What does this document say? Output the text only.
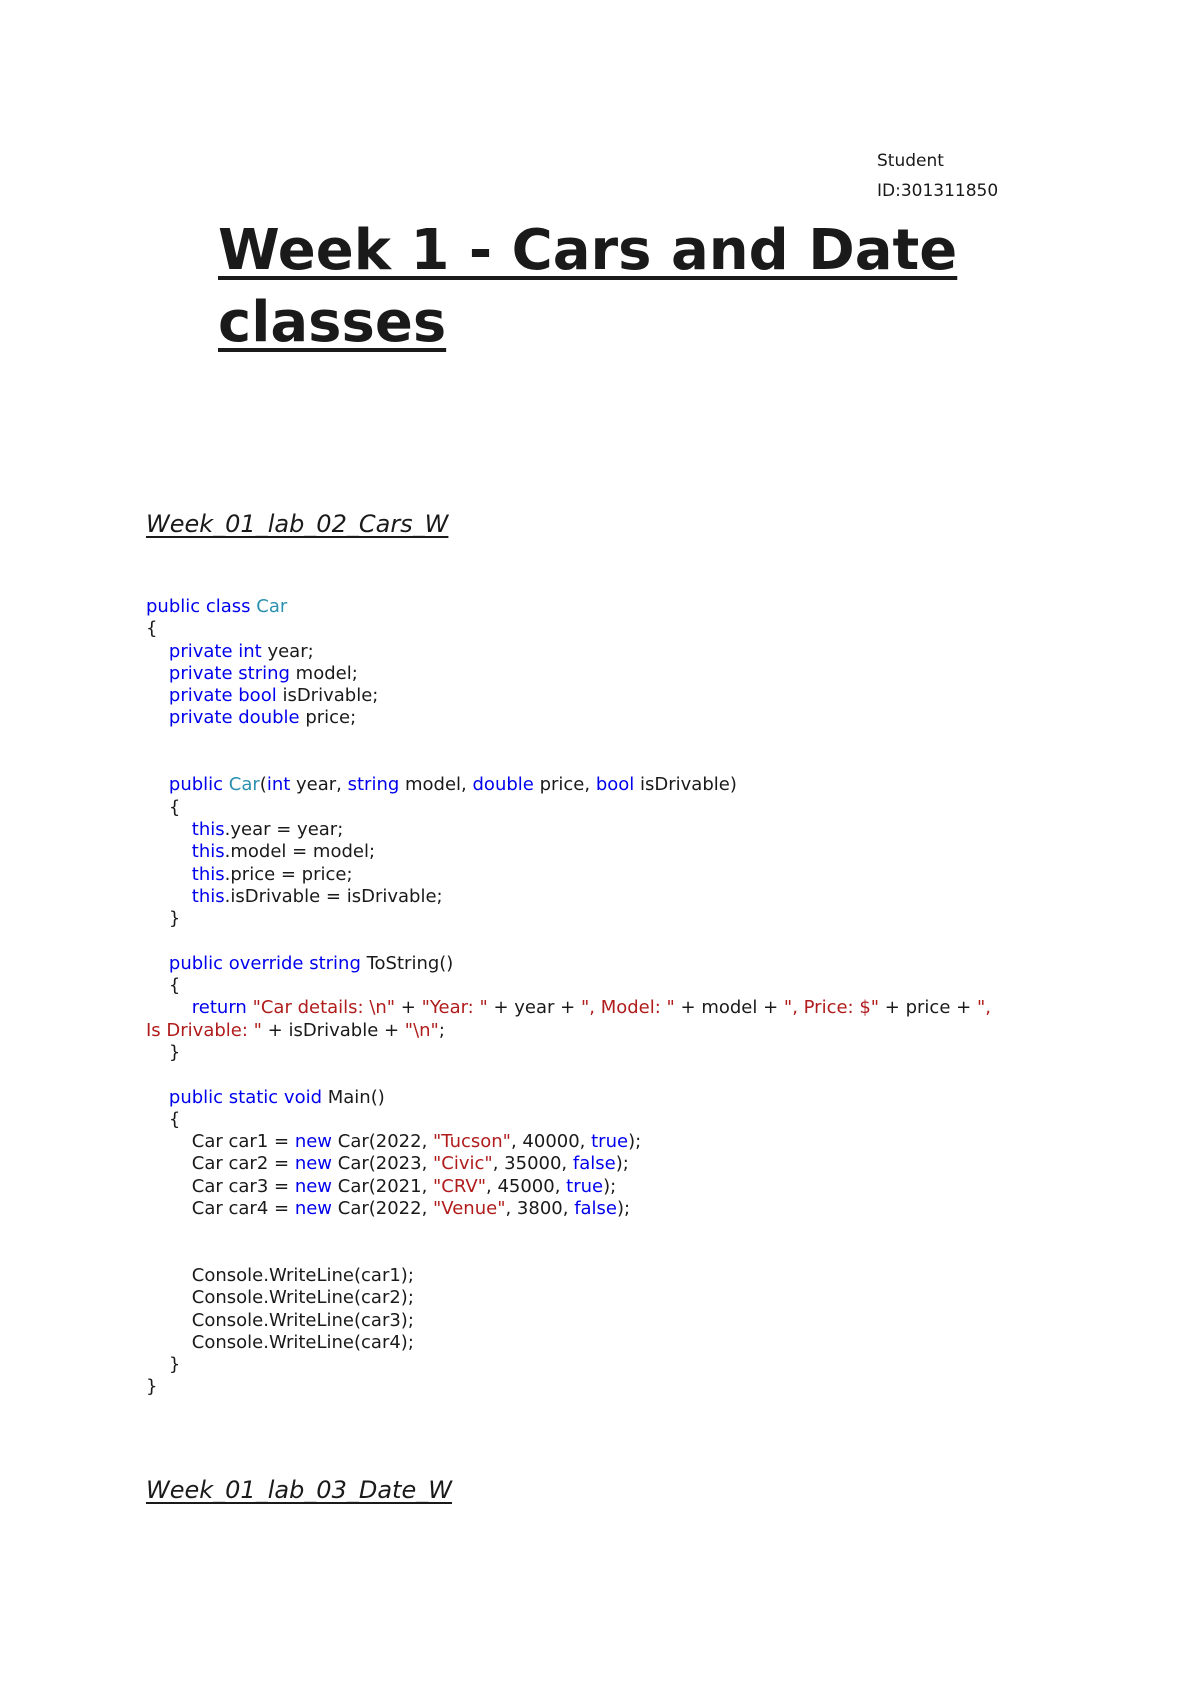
Student
ID:301311850
Week 1 - Cars and Date classes
Week_01_lab_02_Cars_W
public class Car
{
private int year;
private string model;
private bool isDrivable;
private double price;

public Car(int year, string model, double price, bool isDrivable)
{
this.year = year;
this.model = model;
this.price = price;
this.isDrivable = isDrivable;
}

public override string ToString()
{
return "Car details: \n" + "Year: " + year + ", Model: " + model + ", Price: $" + price + ",
Is Drivable: " + isDrivable + "\n";
}

public static void Main()
{
Car car1 = new Car(2022, "Tucson", 40000, true);
Car car2 = new Car(2023, "Civic", 35000, false);
Car car3 = new Car(2021, "CRV", 45000, true);
Car car4 = new Car(2022, "Venue", 3800, false);

Console.WriteLine(car1);
Console.WriteLine(car2);
Console.WriteLine(car3);
Console.WriteLine(car4);
}
}
Week_01_lab_03_Date_W
